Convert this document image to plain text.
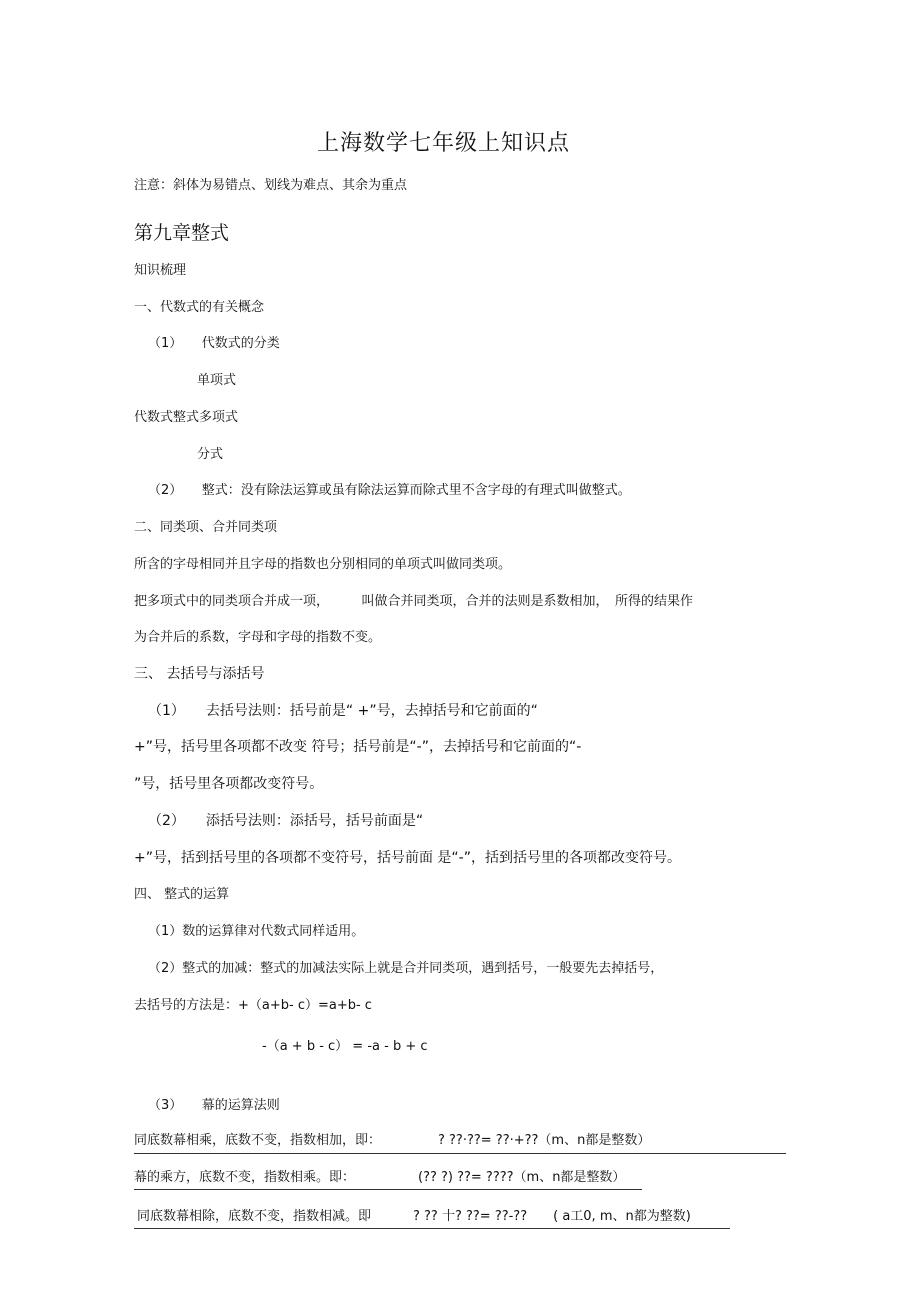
上海数学七年级上知识点
注意：斜体为易错点、划线为难点、其余为重点
第九章整式
知识梳理
一、代数式的有关概念
（1）　　代数式的分类
单项式
代数式整式多项式
分式
（2）　　整式：没有除法运算或虽有除法运算而除式里不含字母的有理式叫做整式。
二、同类项、合并同类项
所含的字母相同并且字母的指数也分别相同的单项式叫做同类项。
把多项式中的同类项合并成一项，　　　叫做合并同类项，合并的法则是系数相加，　所得的结果作
为合并后的系数，字母和字母的指数不变。
三、 去括号与添括号
（1）　　去括号法则：括号前是“ +”号，去掉括号和它前面的“
+”号，括号里各项都不改变 符号；括号前是“-”，去掉括号和它前面的“-
”号，括号里各项都改变符号。
（2）　　添括号法则：添括号，括号前面是“
+”号，括到括号里的各项都不变符号，括号前面 是“-”，括到括号里的各项都改变符号。
四、 整式的运算
（1）数的运算律对代数式同样适用。
（2）整式的加减：整式的加减法实际上就是合并同类项，遇到括号，一般要先去掉括号，
去括号的方法是：+（a+b- c）=a+b- c
-（a + b - c） = -a - b + c
（3）　　幕的运算法则
同底数幕相乘，底数不变，指数相加，即：	? ??·??= ??·+??（m、n都是整数）
幕的乘方，底数不变，指数相乘。即：	(?? ?) ??= ????（m、n都是整数）
同底数幕相除，底数不变，指数相减。即	? ?? 十? ??= ??-??　　( a工0, m、n都为整数)
